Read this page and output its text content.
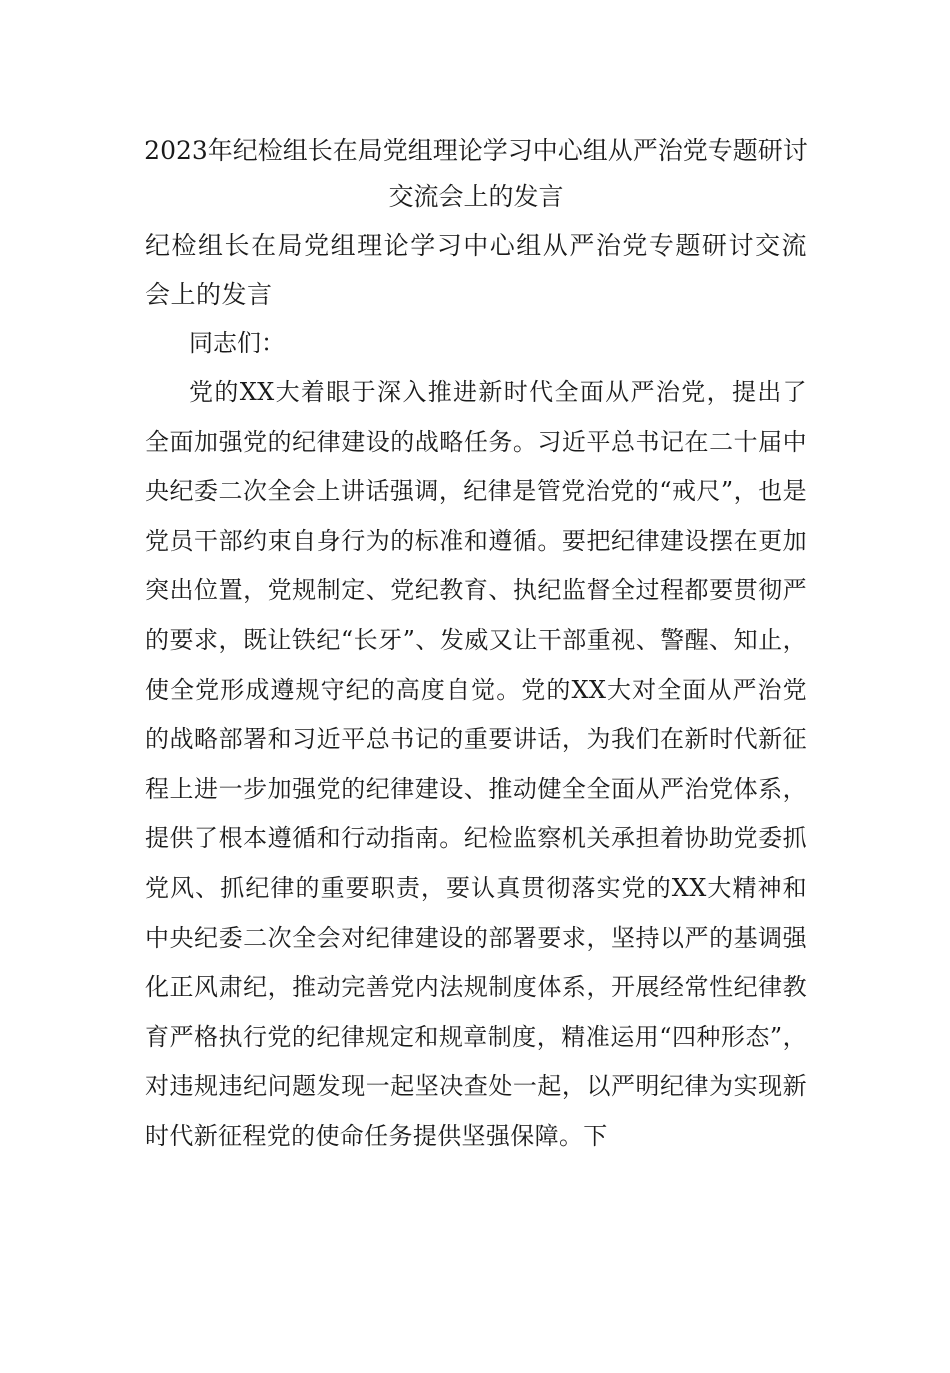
2023年纪检组长在局党组理论学习中心组从严治党专题研讨交流会上的发言
纪检组长在局党组理论学习中心组从严治党专题研讨交流会上的发言
同志们：
党的XX大着眼于深入推进新时代全面从严治党，提出了全面加强党的纪律建设的战略任务。习近平总书记在二十届中央纪委二次全会上讲话强调，纪律是管党治党的“戒尺”，也是党员干部约束自身行为的标准和遵循。要把纪律建设摆在更加突出位置，党规制定、党纪教育、执纪监督全过程都要贯彻严的要求，既让铁纪“长牙”、发威又让干部重视、警醒、知止，使全党形成遵规守纪的高度自觉。党的XX大对全面从严治党的战略部署和习近平总书记的重要讲话，为我们在新时代新征程上进一步加强党的纪律建设、推动健全全面从严治党体系，提供了根本遵循和行动指南。纪检监察机关承担着协助党委抓党风、抓纪律的重要职责，要认真贯彻落实党的XX大精神和中央纪委二次全会对纪律建设的部署要求，坚持以严的基调强化正风肃纪，推动完善党内法规制度体系，开展经常性纪律教育严格执行党的纪律规定和规章制度，精准运用“四种形态”，对违规违纪问题发现一起坚决查处一起，以严明纪律为实现新时代新征程党的使命任务提供坚强保障。下
